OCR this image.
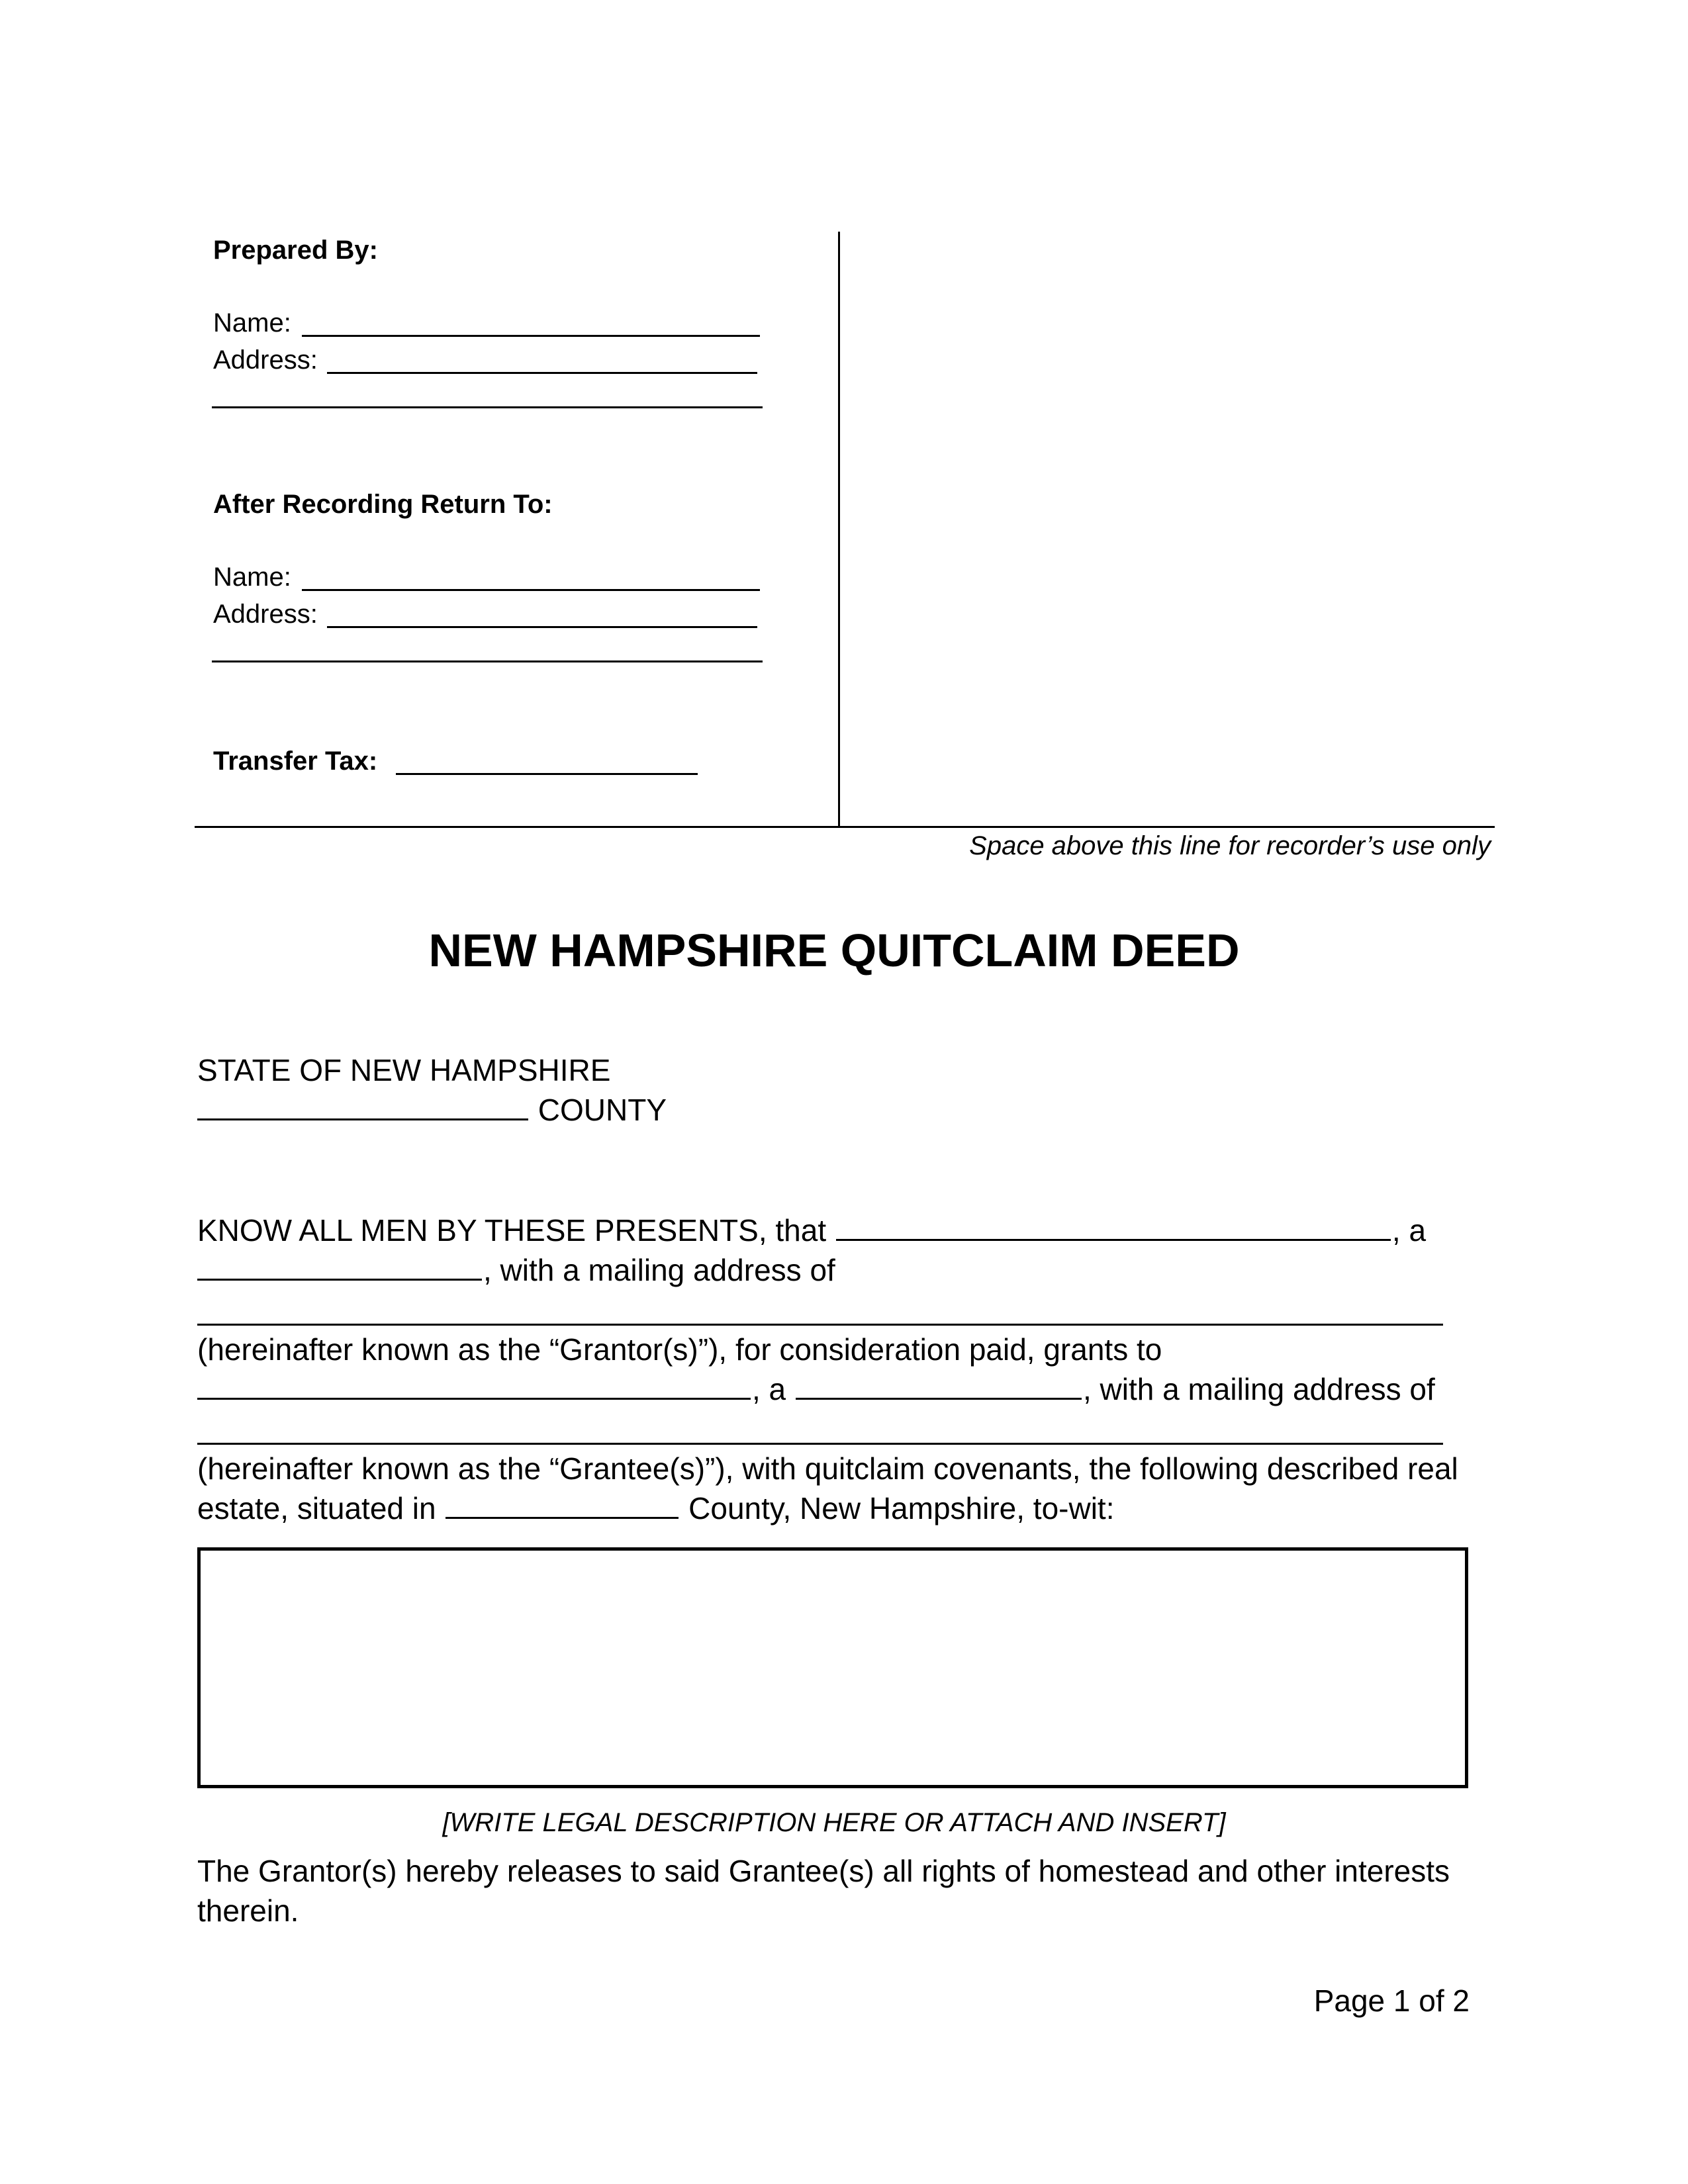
Prepared By:
Name:
Address:
After Recording Return To:
Name:
Address:
Transfer Tax:
Space above this line for recorder’s use only
NEW HAMPSHIRE QUITCLAIM DEED
STATE OF NEW HAMPSHIRE
COUNTY
KNOW ALL MEN BY THESE PRESENTS, that	, a
, with a mailing address of
(hereinafter known as the “Grantor(s)”), for consideration paid, grants to
, a	, with a mailing address of
(hereinafter known as the “Grantee(s)”), with quitclaim covenants, the following described real
estate, situated in	County, New Hampshire, to-wit:
[WRITE LEGAL DESCRIPTION HERE OR ATTACH AND INSERT]
The Grantor(s) hereby releases to said Grantee(s) all rights of homestead and other interests
therein.
Page 1 of 2
